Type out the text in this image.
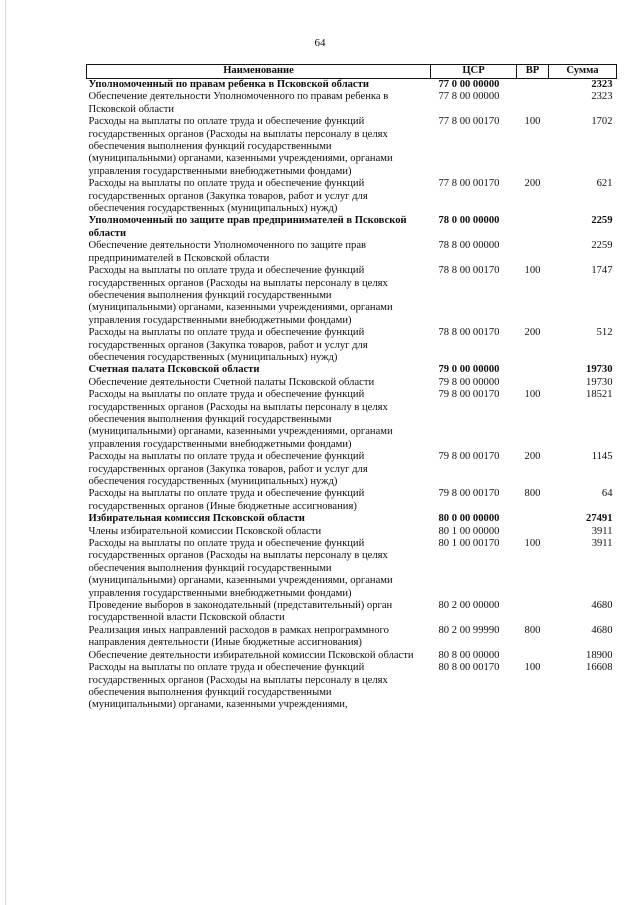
64
Наименование	ЦСР	ВР	Сумма
Уполномоченный по правам ребенка в Псковской области	77 0 00 00000		2323
Обеспечение деятельности Уполномоченного по правам ребенка в Псковской области	77 8 00 00000		2323
Расходы на выплаты по оплате труда и обеспечение функций государственных органов (Расходы на выплаты персоналу в целях обеспечения выполнения функций государственными (муниципальными) органами, казенными учреждениями, органами управления государственными внебюджетными фондами)	77 8 00 00170	100	1702
Расходы на выплаты по оплате труда и обеспечение функций государственных органов (Закупка товаров, работ и услуг для обеспечения государственных (муниципальных) нужд)	77 8 00 00170	200	621
Уполномоченный по защите прав предпринимателей в Псковской области	78 0 00 00000		2259
Обеспечение деятельности Уполномоченного по защите прав предпринимателей в Псковской области	78 8 00 00000		2259
Расходы на выплаты по оплате труда и обеспечение функций государственных органов (Расходы на выплаты персоналу в целях обеспечения выполнения функций государственными (муниципальными) органами, казенными учреждениями, органами управления государственными внебюджетными фондами)	78 8 00 00170	100	1747
Расходы на выплаты по оплате труда и обеспечение функций государственных органов (Закупка товаров, работ и услуг для обеспечения государственных (муниципальных) нужд)	78 8 00 00170	200	512
Счетная палата Псковской области	79 0 00 00000		19730
Обеспечение деятельности Счетной палаты Псковской области	79 8 00 00000		19730
Расходы на выплаты по оплате труда и обеспечение функций государственных органов (Расходы на выплаты персоналу в целях обеспечения выполнения функций государственными (муниципальными) органами, казенными учреждениями, органами управления государственными внебюджетными фондами)	79 8 00 00170	100	18521
Расходы на выплаты по оплате труда и обеспечение функций государственных органов (Закупка товаров, работ и услуг для обеспечения государственных (муниципальных) нужд)	79 8 00 00170	200	1145
Расходы на выплаты по оплате труда и обеспечение функций государственных органов (Иные бюджетные ассигнования)	79 8 00 00170	800	64
Избирательная комиссия Псковской области	80 0 00 00000		27491
Члены избирательной комиссии Псковской области	80 1 00 00000		3911
Расходы на выплаты по оплате труда и обеспечение функций государственных органов (Расходы на выплаты персоналу в целях обеспечения выполнения функций государственными (муниципальными) органами, казенными учреждениями, органами управления государственными внебюджетными фондами)	80 1 00 00170	100	3911
Проведение выборов в законодательный (представительный) орган государственной власти Псковской области	80 2 00 00000		4680
Реализация иных направлений расходов в рамках непрограммного направления деятельности (Иные бюджетные ассигнования)	80 2 00 99990	800	4680
Обеспечение деятельности избирательной комиссии Псковской области	80 8 00 00000		18900
Расходы на выплаты по оплате труда и обеспечение функций государственных органов (Расходы на выплаты персоналу в целях обеспечения выполнения функций государственными (муниципальными) органами, казенными учреждениями,	80 8 00 00170	100	16608
